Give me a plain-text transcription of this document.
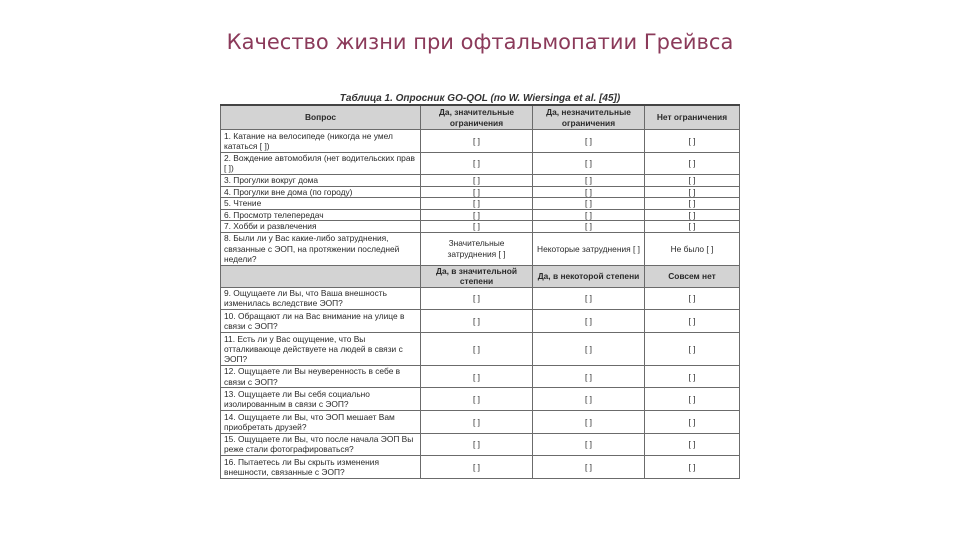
Качество жизни при офтальмопатии Грейвса
Таблица 1. Опросник GO-QOL (по W. Wiersinga et al. [45])
Вопрос	Да, значительные ограничения	Да, незначительные ограничения	Нет ограничения
1. Катание на велосипеде (никогда не умел кататься [ ])	[ ]	[ ]	[ ]
2. Вождение автомобиля (нет водительских прав [ ])	[ ]	[ ]	[ ]
3. Прогулки вокруг дома	[ ]	[ ]	[ ]
4. Прогулки вне дома (по городу)	[ ]	[ ]	[ ]
5. Чтение	[ ]	[ ]	[ ]
6. Просмотр телепередач	[ ]	[ ]	[ ]
7. Хобби и развлечения	[ ]	[ ]	[ ]
8. Были ли у Вас какие-либо затруднения, связанные с ЭОП, на протяжении последней недели?	Значительные затруднения [ ]	Некоторые затруднения [ ]	Не было [ ]
	Да, в значительной степени	Да, в некоторой степени	Совсем нет
9. Ощущаете ли Вы, что Ваша внешность изменилась вследствие ЭОП?	[ ]	[ ]	[ ]
10. Обращают ли на Вас внимание на улице в связи с ЭОП?	[ ]	[ ]	[ ]
11. Есть ли у Вас ощущение, что Вы отталкивающе действуете на людей в связи с ЭОП?	[ ]	[ ]	[ ]
12. Ощущаете ли Вы неуверенность в себе в связи с ЭОП?	[ ]	[ ]	[ ]
13. Ощущаете ли Вы себя социально изолированным в связи с ЭОП?	[ ]	[ ]	[ ]
14. Ощущаете ли Вы, что ЭОП мешает Вам приобретать друзей?	[ ]	[ ]	[ ]
15. Ощущаете ли Вы, что после начала ЭОП Вы реже стали фотографироваться?	[ ]	[ ]	[ ]
16. Пытаетесь ли Вы скрыть изменения внешности, связанные с ЭОП?	[ ]	[ ]	[ ]
